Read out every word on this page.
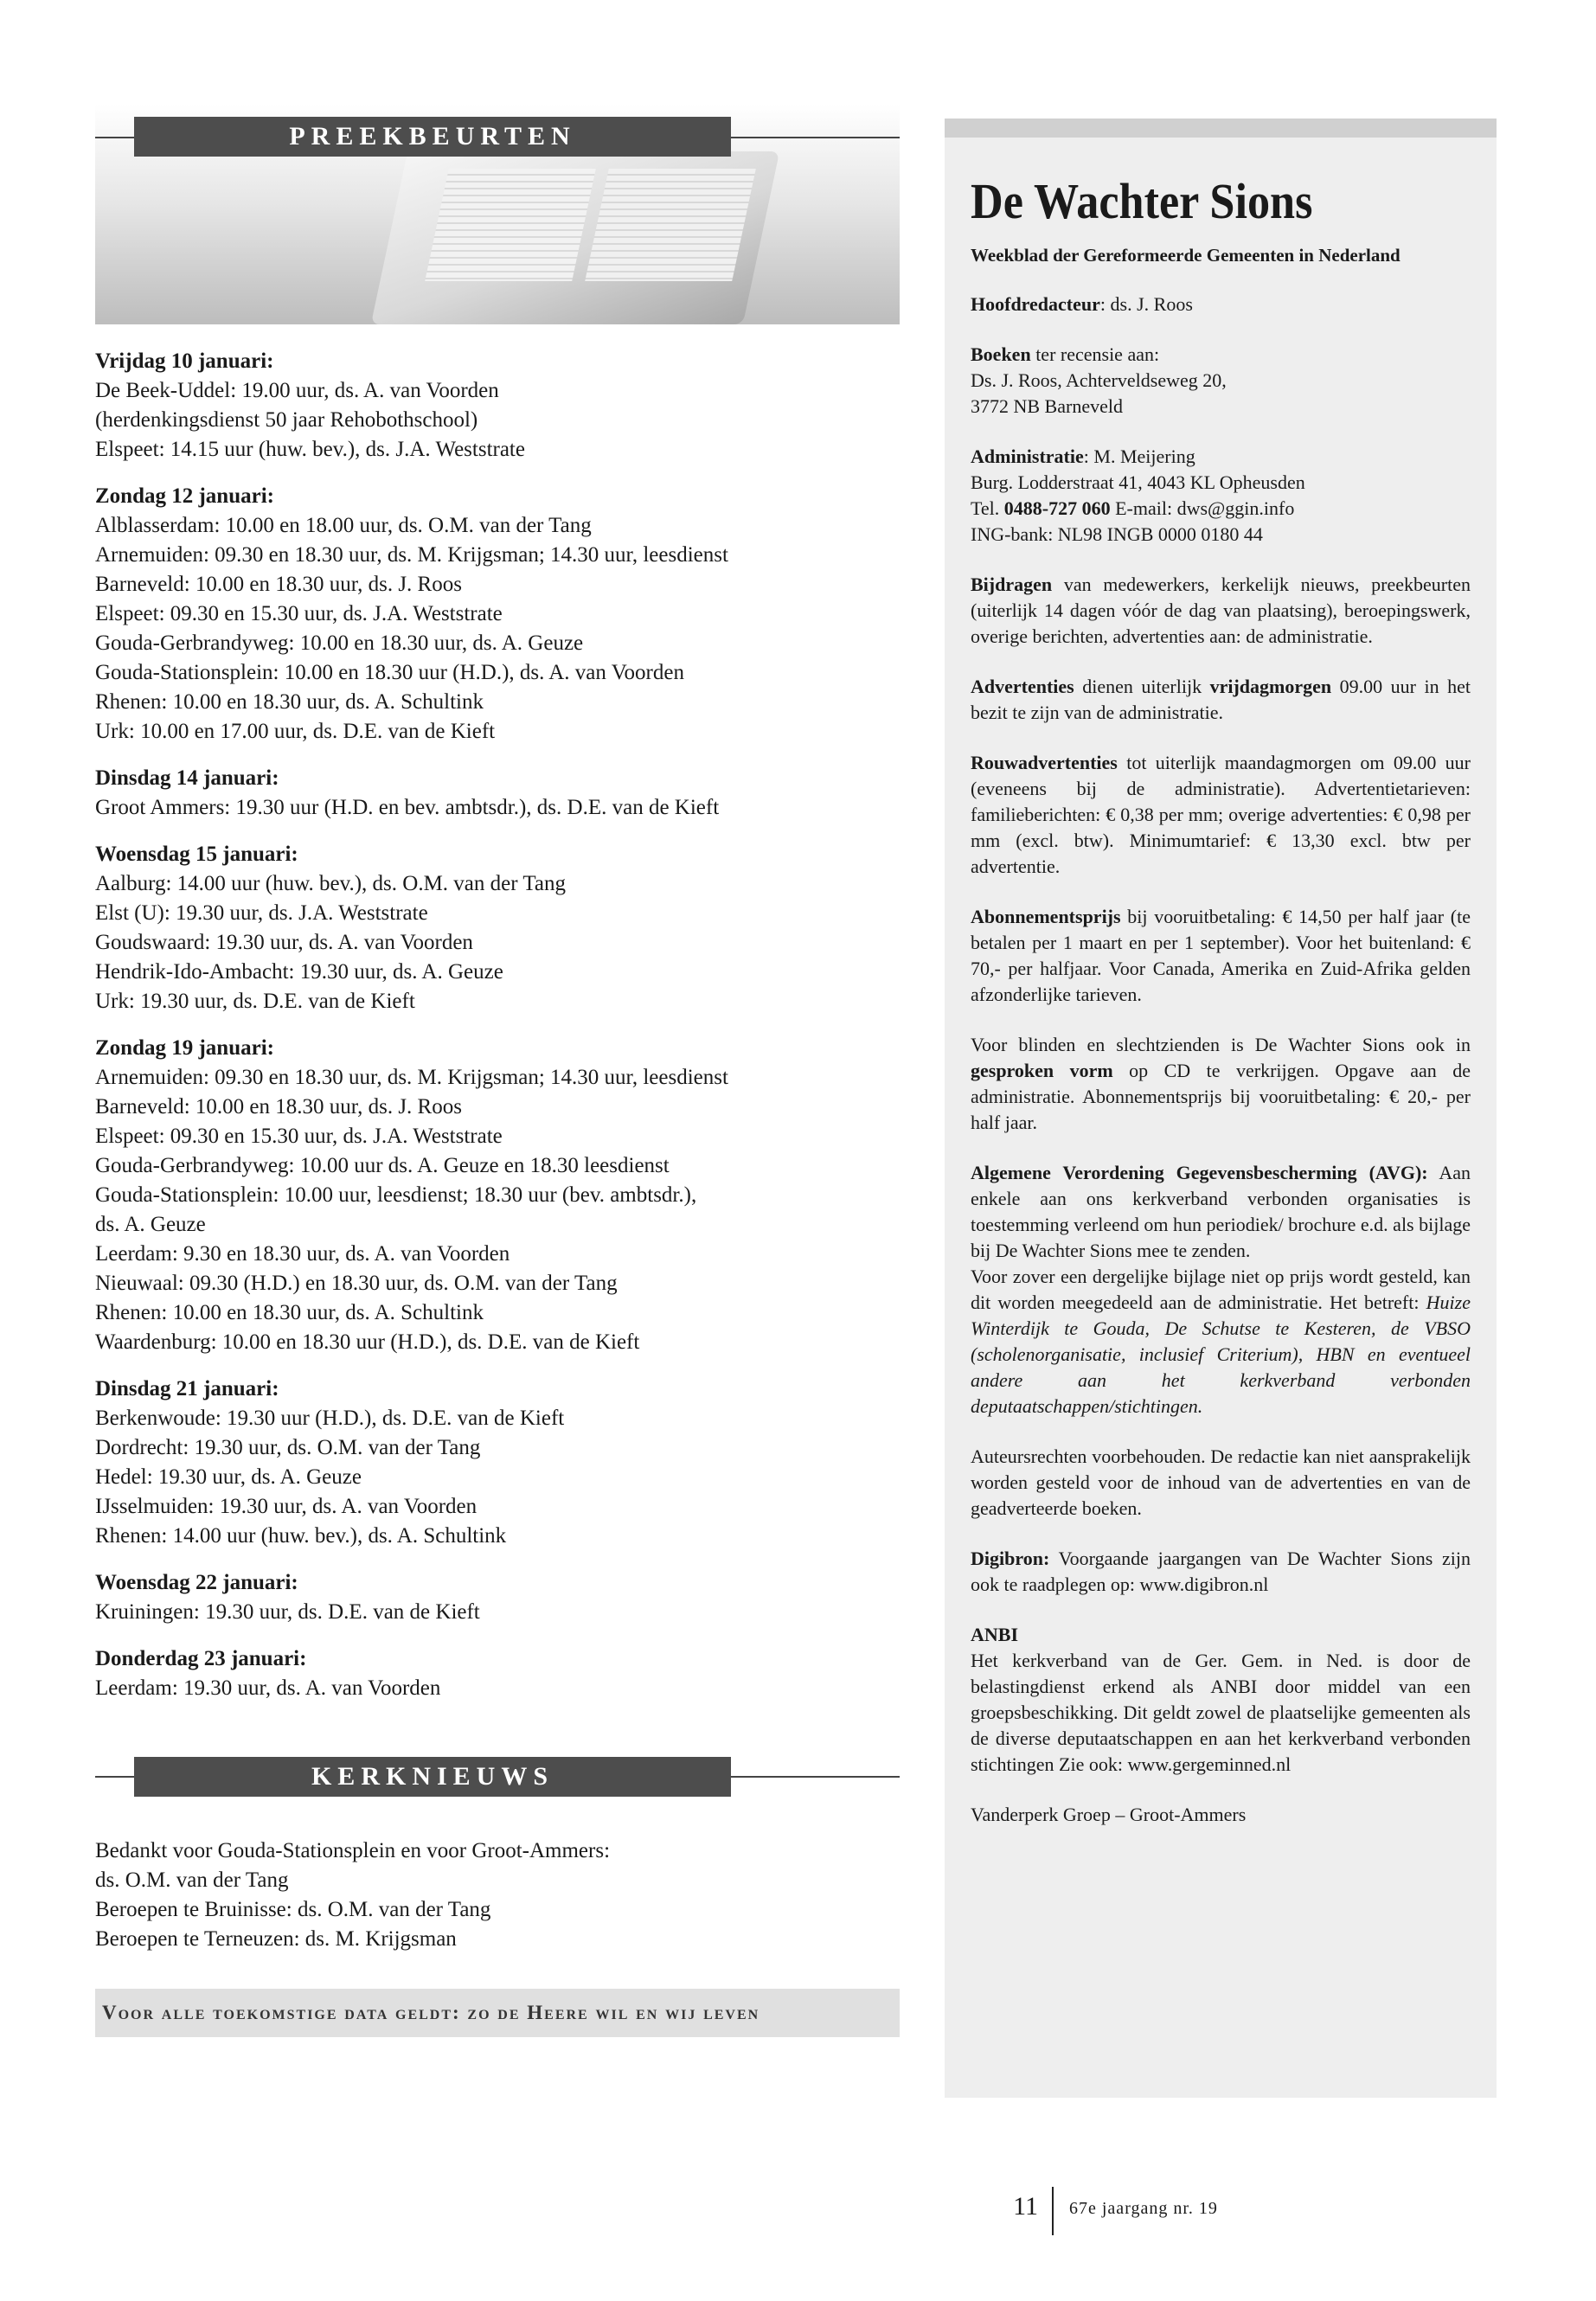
PREEKBEURTEN
Vrijdag 10 januari:
De Beek-Uddel: 19.00 uur, ds. A. van Voorden
(herdenkingsdienst 50 jaar Rehobothschool)
Elspeet: 14.15 uur (huw. bev.), ds. J.A. Weststrate
Zondag 12 januari:
Alblasserdam: 10.00 en 18.00 uur, ds. O.M. van der Tang
Arnemuiden: 09.30 en 18.30 uur, ds. M. Krijgsman; 14.30 uur, leesdienst
Barneveld: 10.00 en 18.30 uur, ds. J. Roos
Elspeet: 09.30 en 15.30 uur, ds. J.A. Weststrate
Gouda-Gerbrandyweg: 10.00 en 18.30 uur, ds. A. Geuze
Gouda-Stationsplein: 10.00 en 18.30 uur (H.D.), ds. A. van Voorden
Rhenen: 10.00 en 18.30 uur, ds. A. Schultink
Urk: 10.00 en 17.00 uur, ds. D.E. van de Kieft
Dinsdag 14 januari:
Groot Ammers: 19.30 uur (H.D. en bev. ambtsdr.), ds. D.E. van de Kieft
Woensdag 15 januari:
Aalburg: 14.00 uur (huw. bev.), ds. O.M. van der Tang
Elst (U): 19.30 uur, ds. J.A. Weststrate
Goudswaard: 19.30 uur, ds. A. van Voorden
Hendrik-Ido-Ambacht: 19.30 uur, ds. A. Geuze
Urk: 19.30 uur, ds. D.E. van de Kieft
Zondag 19 januari:
Arnemuiden: 09.30 en 18.30 uur, ds. M. Krijgsman; 14.30 uur, leesdienst
Barneveld: 10.00 en 18.30 uur, ds. J. Roos
Elspeet: 09.30 en 15.30 uur, ds. J.A. Weststrate
Gouda-Gerbrandyweg: 10.00 uur ds. A. Geuze en 18.30 leesdienst
Gouda-Stationsplein: 10.00 uur, leesdienst; 18.30 uur (bev. ambtsdr.),
ds. A. Geuze
Leerdam: 9.30 en 18.30 uur, ds. A. van Voorden
Nieuwaal: 09.30 (H.D.) en 18.30 uur, ds. O.M. van der Tang
Rhenen: 10.00 en 18.30 uur, ds. A. Schultink
Waardenburg: 10.00 en 18.30 uur (H.D.), ds. D.E. van de Kieft
Dinsdag 21 januari:
Berkenwoude: 19.30 uur (H.D.), ds. D.E. van de Kieft
Dordrecht: 19.30 uur, ds. O.M. van der Tang
Hedel: 19.30 uur, ds. A. Geuze
IJsselmuiden: 19.30 uur, ds. A. van Voorden
Rhenen: 14.00 uur (huw. bev.), ds. A. Schultink
Woensdag 22 januari:
Kruiningen: 19.30 uur, ds. D.E. van de Kieft
Donderdag 23 januari:
Leerdam: 19.30 uur, ds. A. van Voorden
KERKNIEUWS
Bedankt voor Gouda-Stationsplein en voor Groot-Ammers:
ds. O.M. van der Tang
Beroepen te Bruinisse: ds. O.M. van der Tang
Beroepen te Terneuzen: ds. M. Krijgsman
Voor alle toekomstige data geldt: zo de Heere wil en wij leven
De Wachter Sions
Weekblad der Gereformeerde Gemeenten in Nederland
Hoofdredacteur: ds. J. Roos
Boeken ter recensie aan:
Ds. J. Roos, Achterveldseweg 20,
3772 NB Barneveld
Administratie: M. Meijering
Burg. Lodderstraat 41, 4043 KL Opheusden
Tel. 0488-727 060 E-mail: dws@ggin.info
ING-bank: NL98 INGB 0000 0180 44
Bijdragen van medewerkers, kerkelijk nieuws, preekbeurten (uiterlijk 14 dagen vóór de dag van plaatsing), beroepingswerk, overige berichten, advertenties aan: de administratie.
Advertenties dienen uiterlijk vrijdagmorgen 09.00 uur in het bezit te zijn van de administratie.
Rouwadvertenties tot uiterlijk maandagmorgen om 09.00 uur (eveneens bij de administratie). Advertentietarieven: familieberichten: € 0,38 per mm; overige advertenties: € 0,98 per mm (excl. btw). Minimumtarief: € 13,30 excl. btw per advertentie.
Abonnementsprijs bij vooruitbetaling: € 14,50 per half jaar (te betalen per 1 maart en per 1 september). Voor het buitenland: € 70,- per halfjaar. Voor Canada, Amerika en Zuid-Afrika gelden afzonderlijke tarieven.
Voor blinden en slechtzienden is De Wachter Sions ook in gesproken vorm op CD te verkrijgen. Opgave aan de administratie. Abonnementsprijs bij vooruitbetaling: € 20,- per half jaar.
Algemene Verordening Gegevensbescherming (AVG): Aan enkele aan ons kerkverband verbonden organisaties is toestemming verleend om hun periodiek/ brochure e.d. als bijlage bij De Wachter Sions mee te zenden.
Voor zover een dergelijke bijlage niet op prijs wordt gesteld, kan dit worden meegedeeld aan de administratie. Het betreft: Huize Winterdijk te Gouda, De Schutse te Kesteren, de VBSO (scholenorganisatie, inclusief Criterium), HBN en eventueel andere aan het kerkverband verbonden deputaatschappen/stichtingen.
Auteursrechten voorbehouden. De redactie kan niet aansprakelijk worden gesteld voor de inhoud van de advertenties en van de geadverteerde boeken.
Digibron: Voorgaande jaargangen van De Wachter Sions zijn ook te raadplegen op: www.digibron.nl
ANBI
Het kerkverband van de Ger. Gem. in Ned. is door de belastingdienst erkend als ANBI door middel van een groepsbeschikking. Dit geldt zowel de plaatselijke gemeenten als de diverse deputaatschappen en aan het kerkverband verbonden stichtingen Zie ook: www.gergeminned.nl
Vanderperk Groep – Groot-Ammers
11 67e jaargang nr. 19
